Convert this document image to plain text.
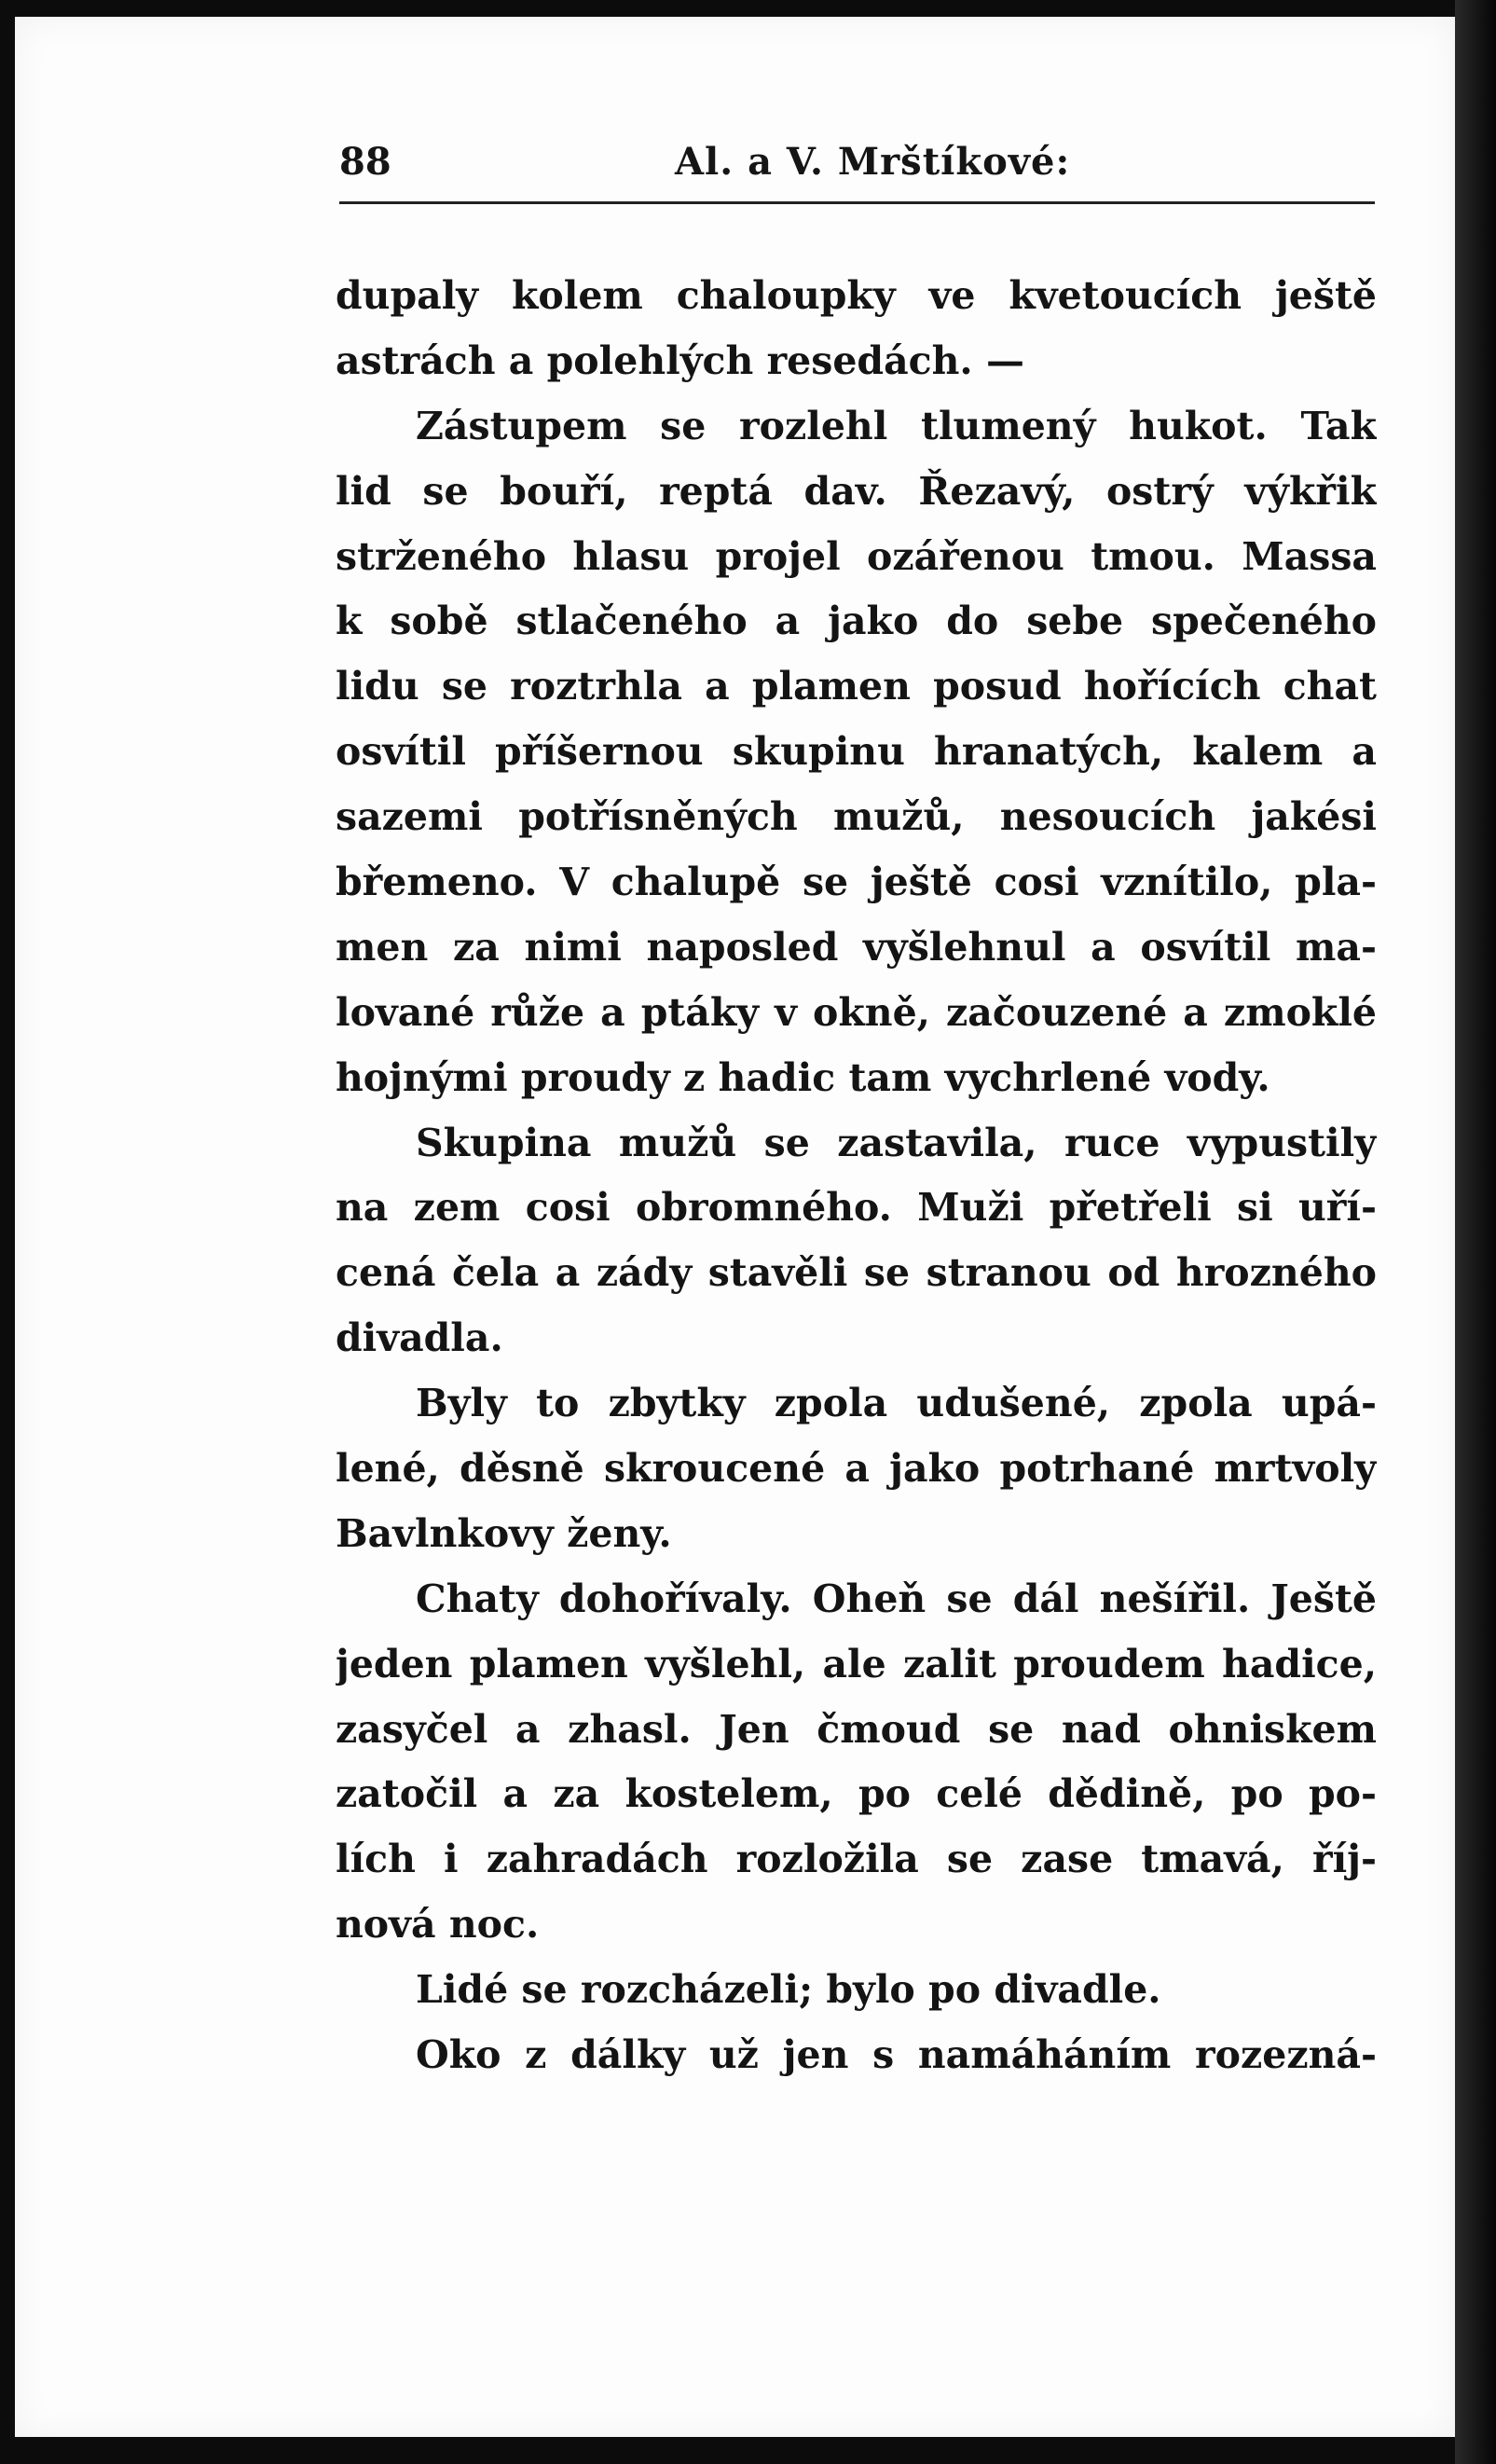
88	Al. a V. Mrštíkové:
dupaly kolem chaloupky ve kvetoucích ještě
astrách a polehlých resedách. —
Zástupem se rozlehl tlumený hukot. Tak
lid se bouří, reptá dav. Řezavý, ostrý výkřik
strženého hlasu projel ozářenou tmou. Massa
k sobě stlačeného a jako do sebe spečeného
lidu se roztrhla a plamen posud hořících chat
osvítil příšernou skupinu hranatých, kalem a
sazemi potřísněných mužů, nesoucích jakési
břemeno. V chalupě se ještě cosi vznítilo, pla-
men za nimi naposled vyšlehnul a osvítil ma-
lované růže a ptáky v okně, začouzené a zmoklé
hojnými proudy z hadic tam vychrlené vody.
Skupina mužů se zastavila, ruce vypustily
na zem cosi obromného. Muži přetřeli si uří-
cená čela a zády stavěli se stranou od hrozného
divadla.
Byly to zbytky zpola udušené, zpola upá-
lené, děsně skroucené a jako potrhané mrtvoly
Bavlnkovy ženy.
Chaty dohořívaly. Oheň se dál nešířil. Ještě
jeden plamen vyšlehl, ale zalit proudem hadice,
zasyčel a zhasl. Jen čmoud se nad ohniskem
zatočil a za kostelem, po celé dědině, po po-
lích i zahradách rozložila se zase tmavá, říj-
nová noc.
Lidé se rozcházeli; bylo po divadle.
Oko z dálky už jen s namáháním rozezná-
